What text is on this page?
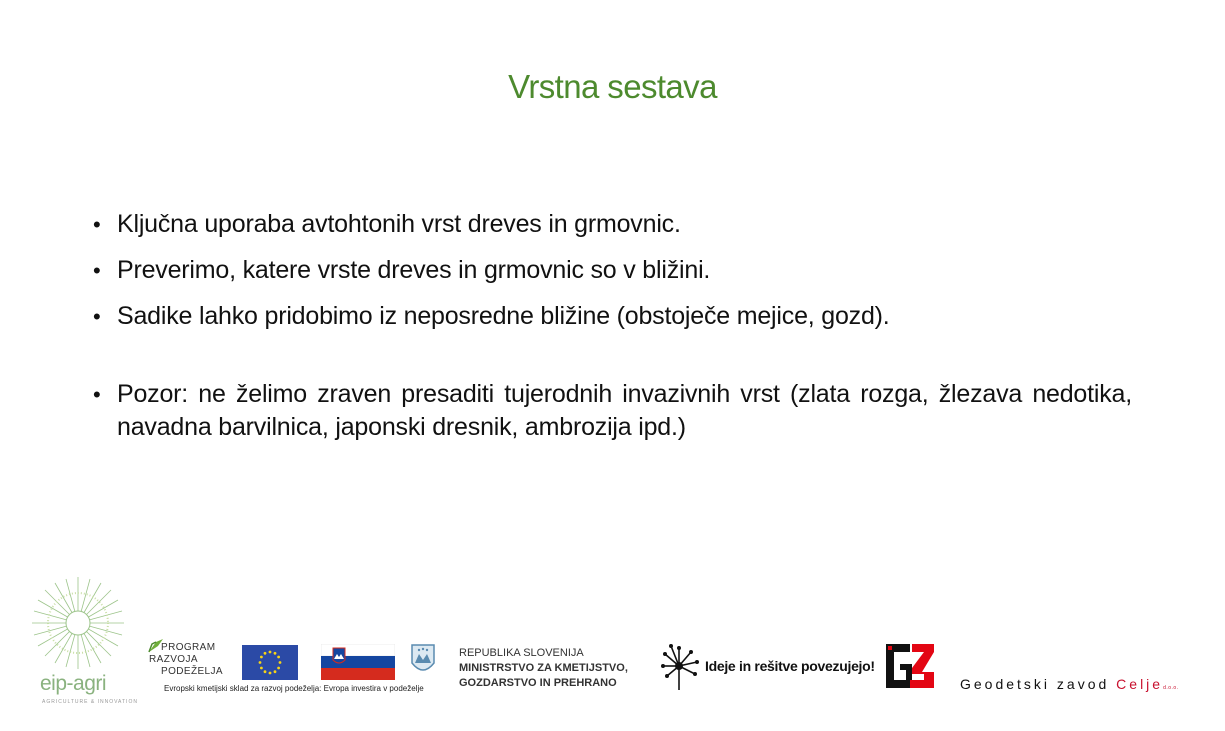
Vrstna sestava
• Ključna uporaba avtohtonih vrst dreves in grmovnic.
• Preverimo, katere vrste dreves in grmovnic so v bližini.
• Sadike lahko pridobimo iz neposredne bližine (obstoječe mejice, gozd).
• Pozor: ne želimo zraven presaditi tujerodnih invazivnih vrst (zlata rozga, žlezava nedotika, navadna barvilnica, japonski dresnik, ambrozija ipd.)
eip-agri
AGRICULTURE & INNOVATION
PROGRAM
RAZVOJA
PODEŽELJA
Evropski kmetijski sklad za razvoj podeželja: Evropa investira v podeželje
REPUBLIKA SLOVENIJA
MINISTRSTVO ZA KMETIJSTVO,
GOZDARSTVO IN PREHRANO
Ideje in rešitve povezujejo!
Geodetski zavod Celjed.o.o.
